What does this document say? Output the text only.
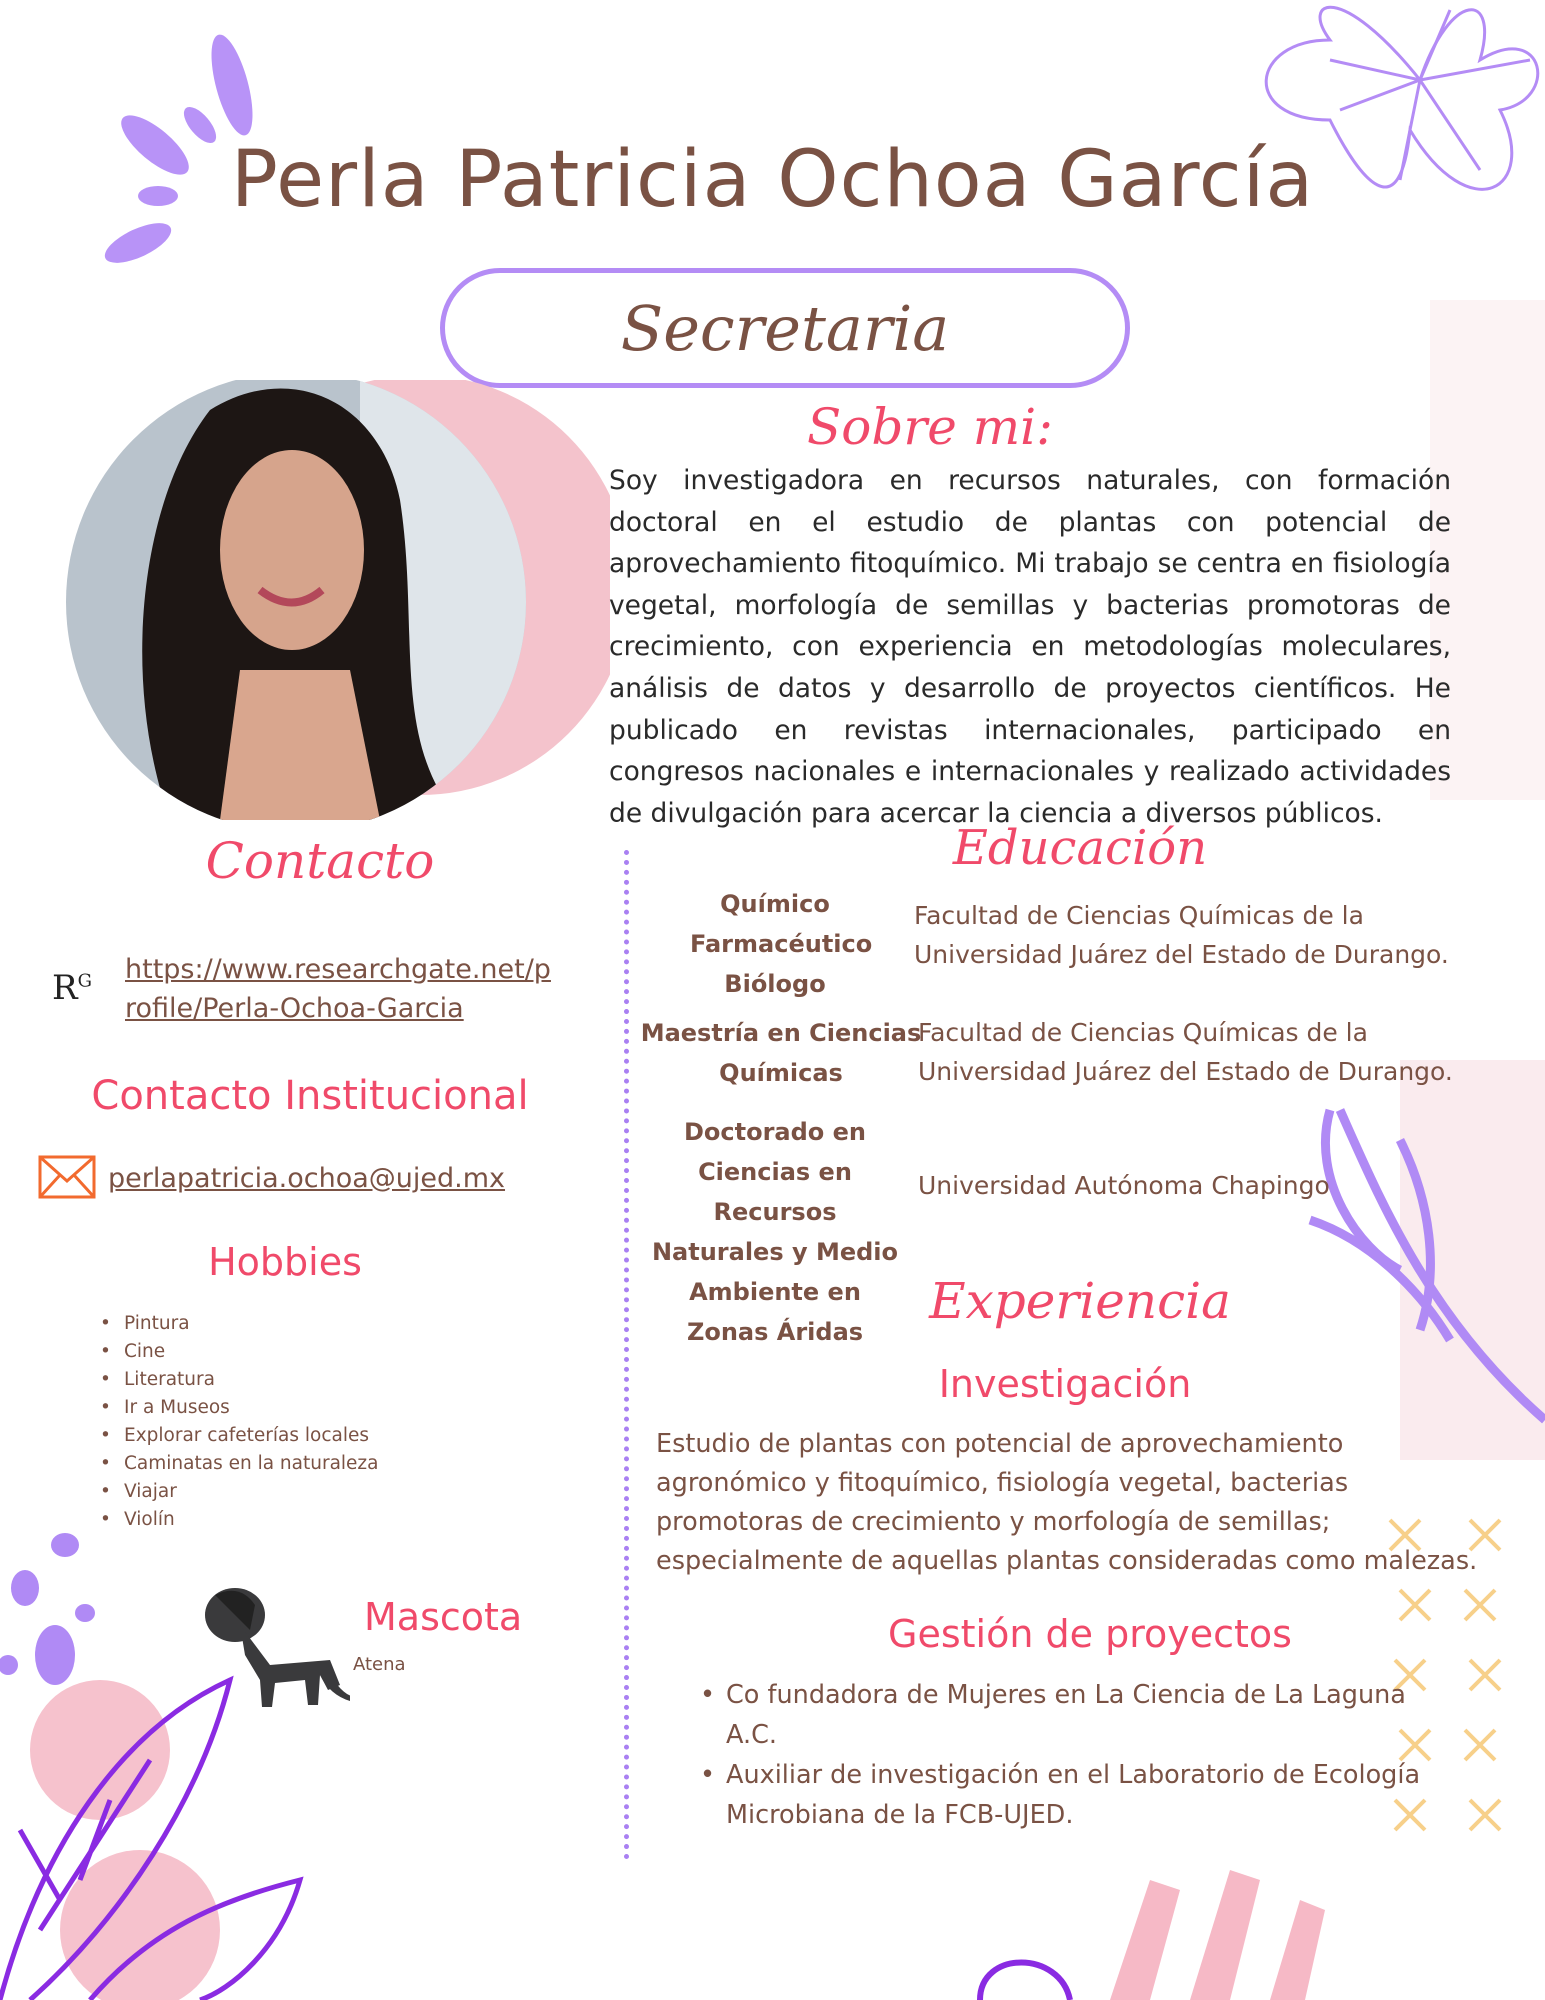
Perla Patricia Ochoa García
Secretaria
Sobre mi:
Soy investigadora en recursos naturales, con formación doctoral en el estudio de plantas con potencial de aprovechamiento fitoquímico. Mi trabajo se centra en fisiología vegetal, morfología de semillas y bacterias promotoras de crecimiento, con experiencia en metodologías moleculares, análisis de datos y desarrollo de proyectos científicos. He publicado en revistas internacionales, participado en congresos nacionales e internacionales y realizado actividades de divulgación para acercar la ciencia a diversos públicos.
Contacto
$R^G$ https://www.researchgate.net/profile/Perla-Ochoa-Garcia
Contacto Institucional
perlapatricia.ochoa@ujed.mx
Hobbies
• Pintura
• Cine
• Literatura
• Ir a Museos
• Explorar cafeterías locales
• Caminatas en la naturaleza
• Viajar
• Violín
Mascota
Atena
Educación
Químico Farmacéutico Biólogo
Facultad de Ciencias Químicas de la Universidad Juárez del Estado de Durango.
Maestría en Ciencias Químicas
Facultad de Ciencias Químicas de la Universidad Juárez del Estado de Durango.
Doctorado en Ciencias en Recursos Naturales y Medio Ambiente en Zonas Áridas
Universidad Autónoma Chapingo
Experiencia
Investigación
Estudio de plantas con potencial de aprovechamiento agronómico y fitoquímico, fisiología vegetal, bacterias promotoras de crecimiento y morfología de semillas; especialmente de aquellas plantas consideradas como malezas.
Gestión de proyectos
• Co fundadora de Mujeres en La Ciencia de La Laguna A.C.
• Auxiliar de investigación en el Laboratorio de Ecología Microbiana de la FCB-UJED.
